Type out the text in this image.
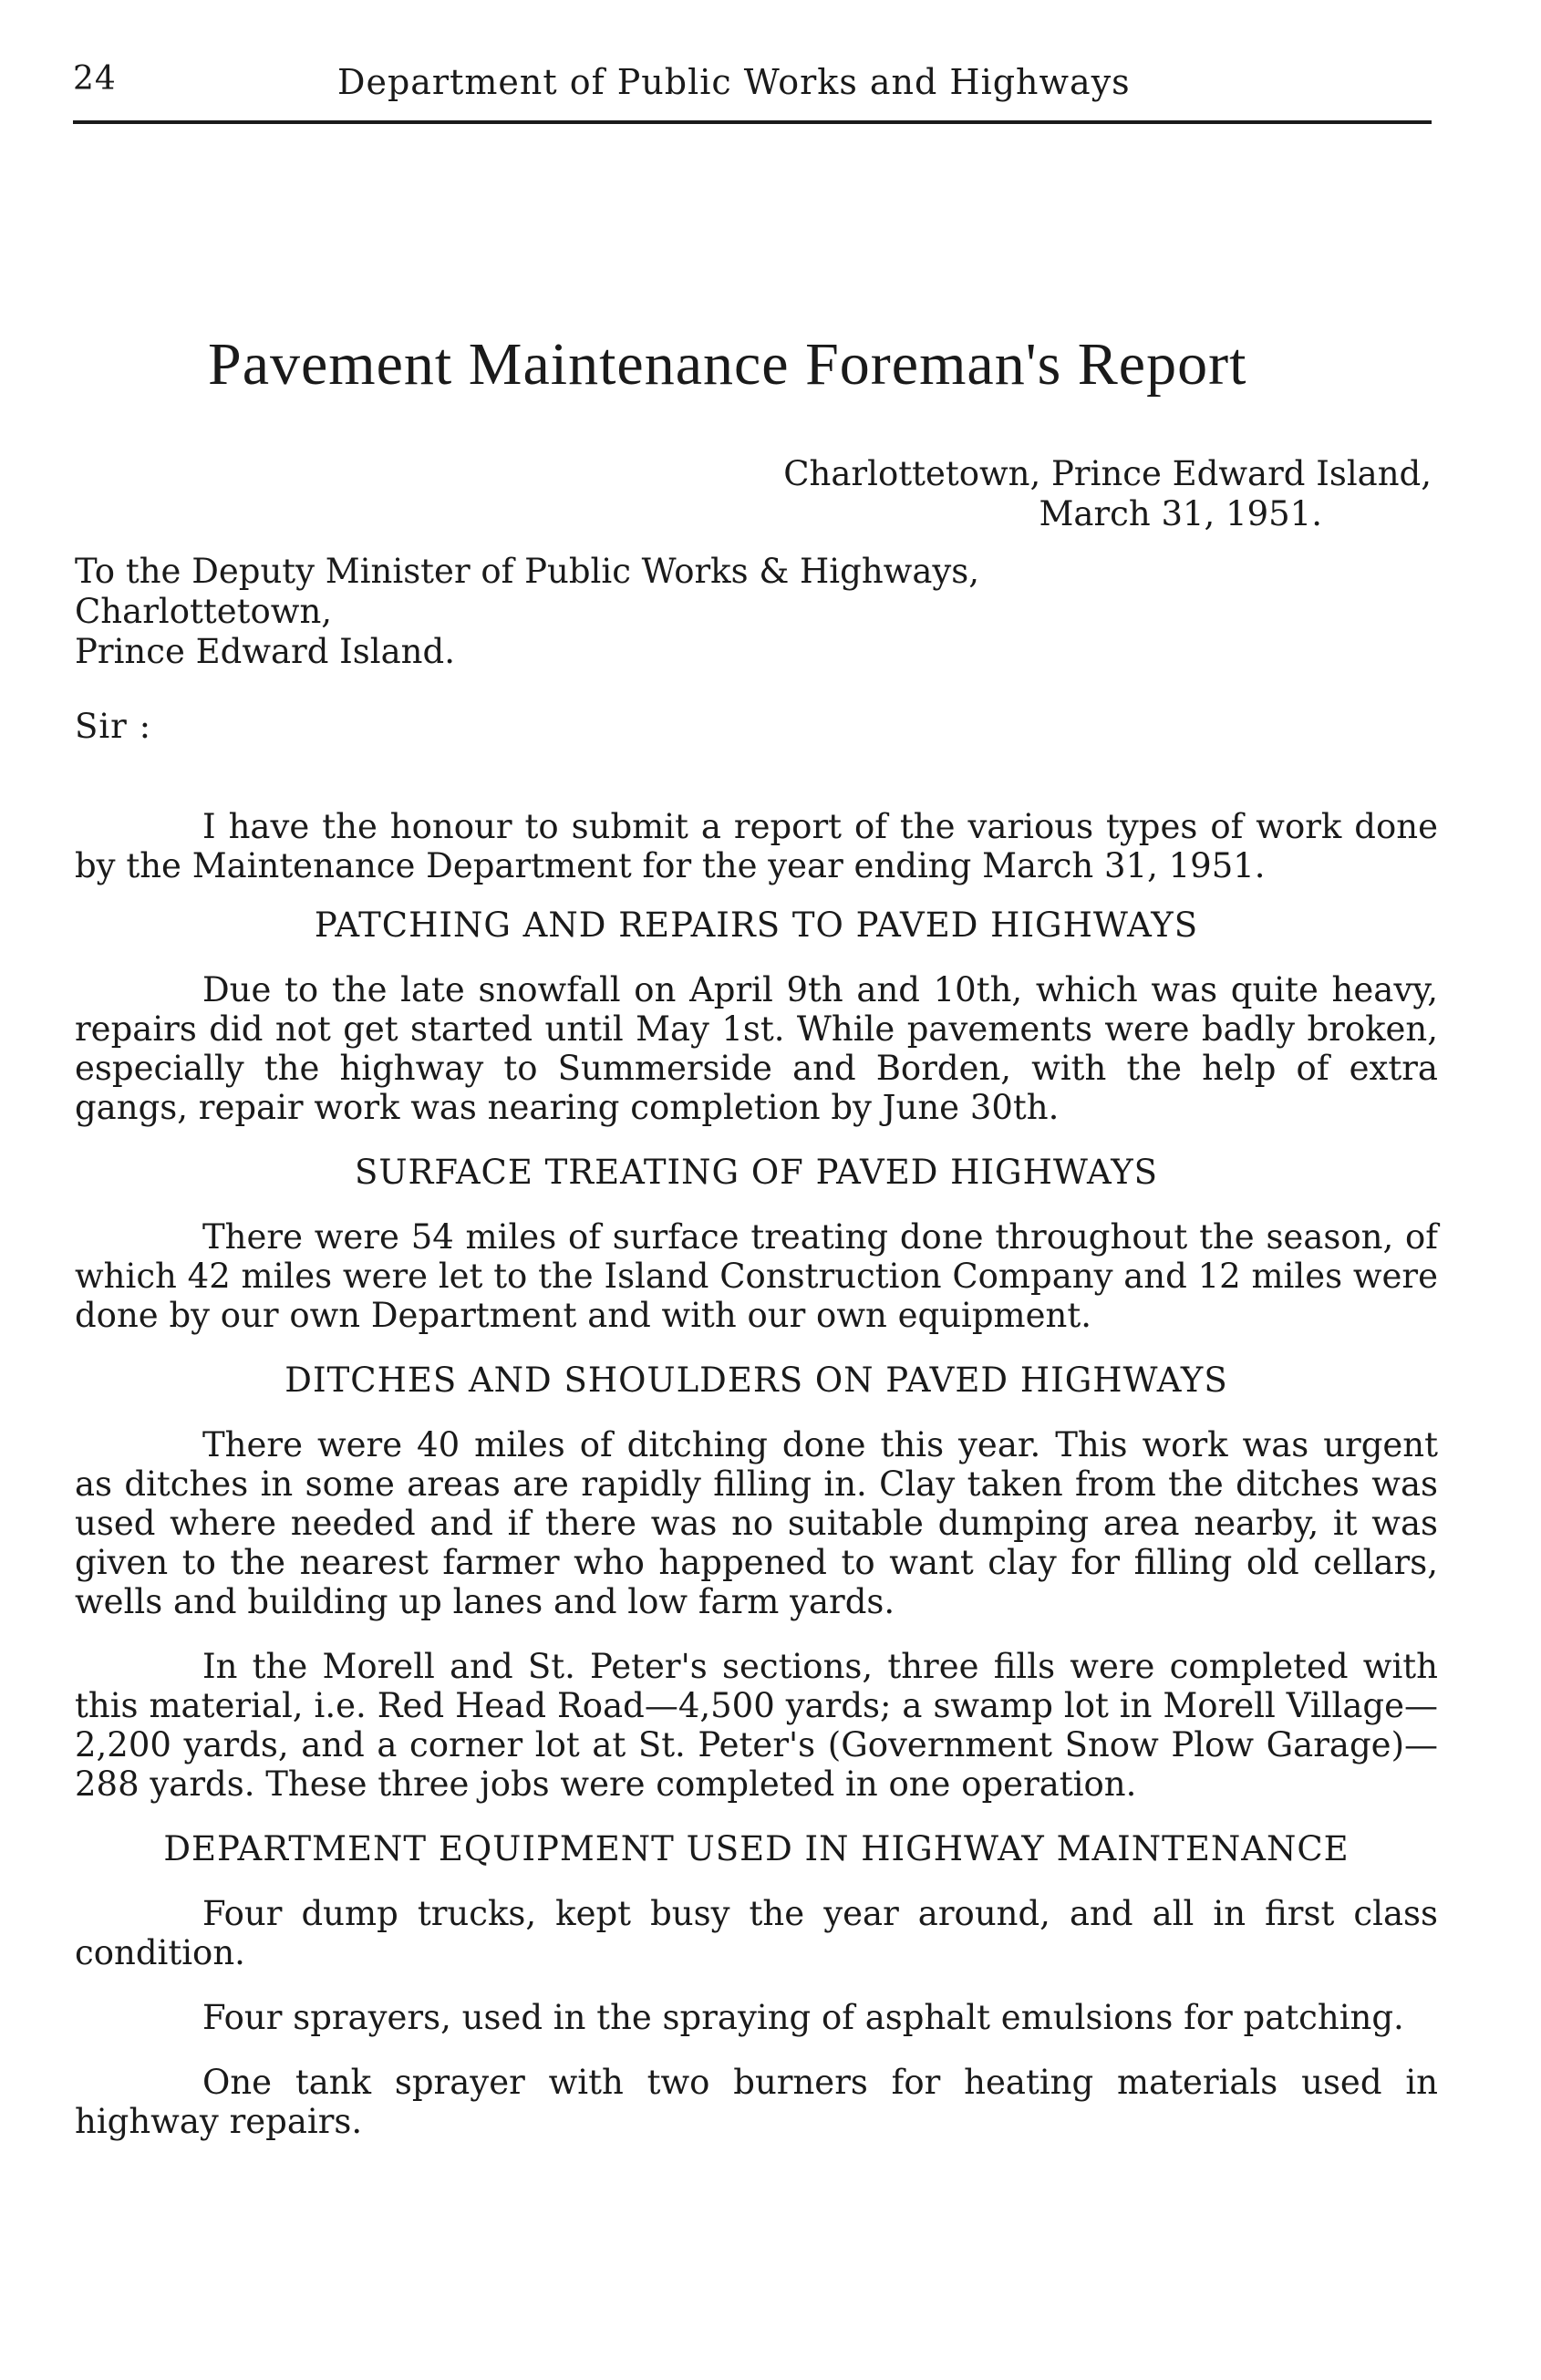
24	Department of Public Works and Highways
Pavement Maintenance Foreman's Report
Charlottetown, Prince Edward Island,
March 31, 1951.
To the Deputy Minister of Public Works & Highways,
Charlottetown,
Prince Edward Island.
Sir :

I have the honour to submit a report of the various types of work done by the Maintenance Department for the year ending March 31, 1951.

PATCHING AND REPAIRS TO PAVED HIGHWAYS

Due to the late snowfall on April 9th and 10th, which was quite heavy, repairs did not get started until May 1st. While pavements were badly broken, especially the highway to Summerside and Borden, with the help of extra gangs, repair work was nearing completion by June 30th.

SURFACE TREATING OF PAVED HIGHWAYS

There were 54 miles of surface treating done throughout the season, of which 42 miles were let to the Island Construction Company and 12 miles were done by our own Department and with our own equipment.

DITCHES AND SHOULDERS ON PAVED HIGHWAYS

There were 40 miles of ditching done this year. This work was urgent as ditches in some areas are rapidly filling in. Clay taken from the ditches was used where needed and if there was no suitable dumping area nearby, it was given to the nearest farmer who happened to want clay for filling old cellars, wells and building up lanes and low farm yards.

In the Morell and St. Peter's sections, three fills were completed with this material, i.e. Red Head Road—4,500 yards; a swamp lot in Morell Village—2,200 yards, and a corner lot at St. Peter's (Government Snow Plow Garage)—288 yards. These three jobs were completed in one operation.

DEPARTMENT EQUIPMENT USED IN HIGHWAY MAINTENANCE

Four dump trucks, kept busy the year around, and all in first class condition.

Four sprayers, used in the spraying of asphalt emulsions for patching.

One tank sprayer with two burners for heating materials used in highway repairs.
